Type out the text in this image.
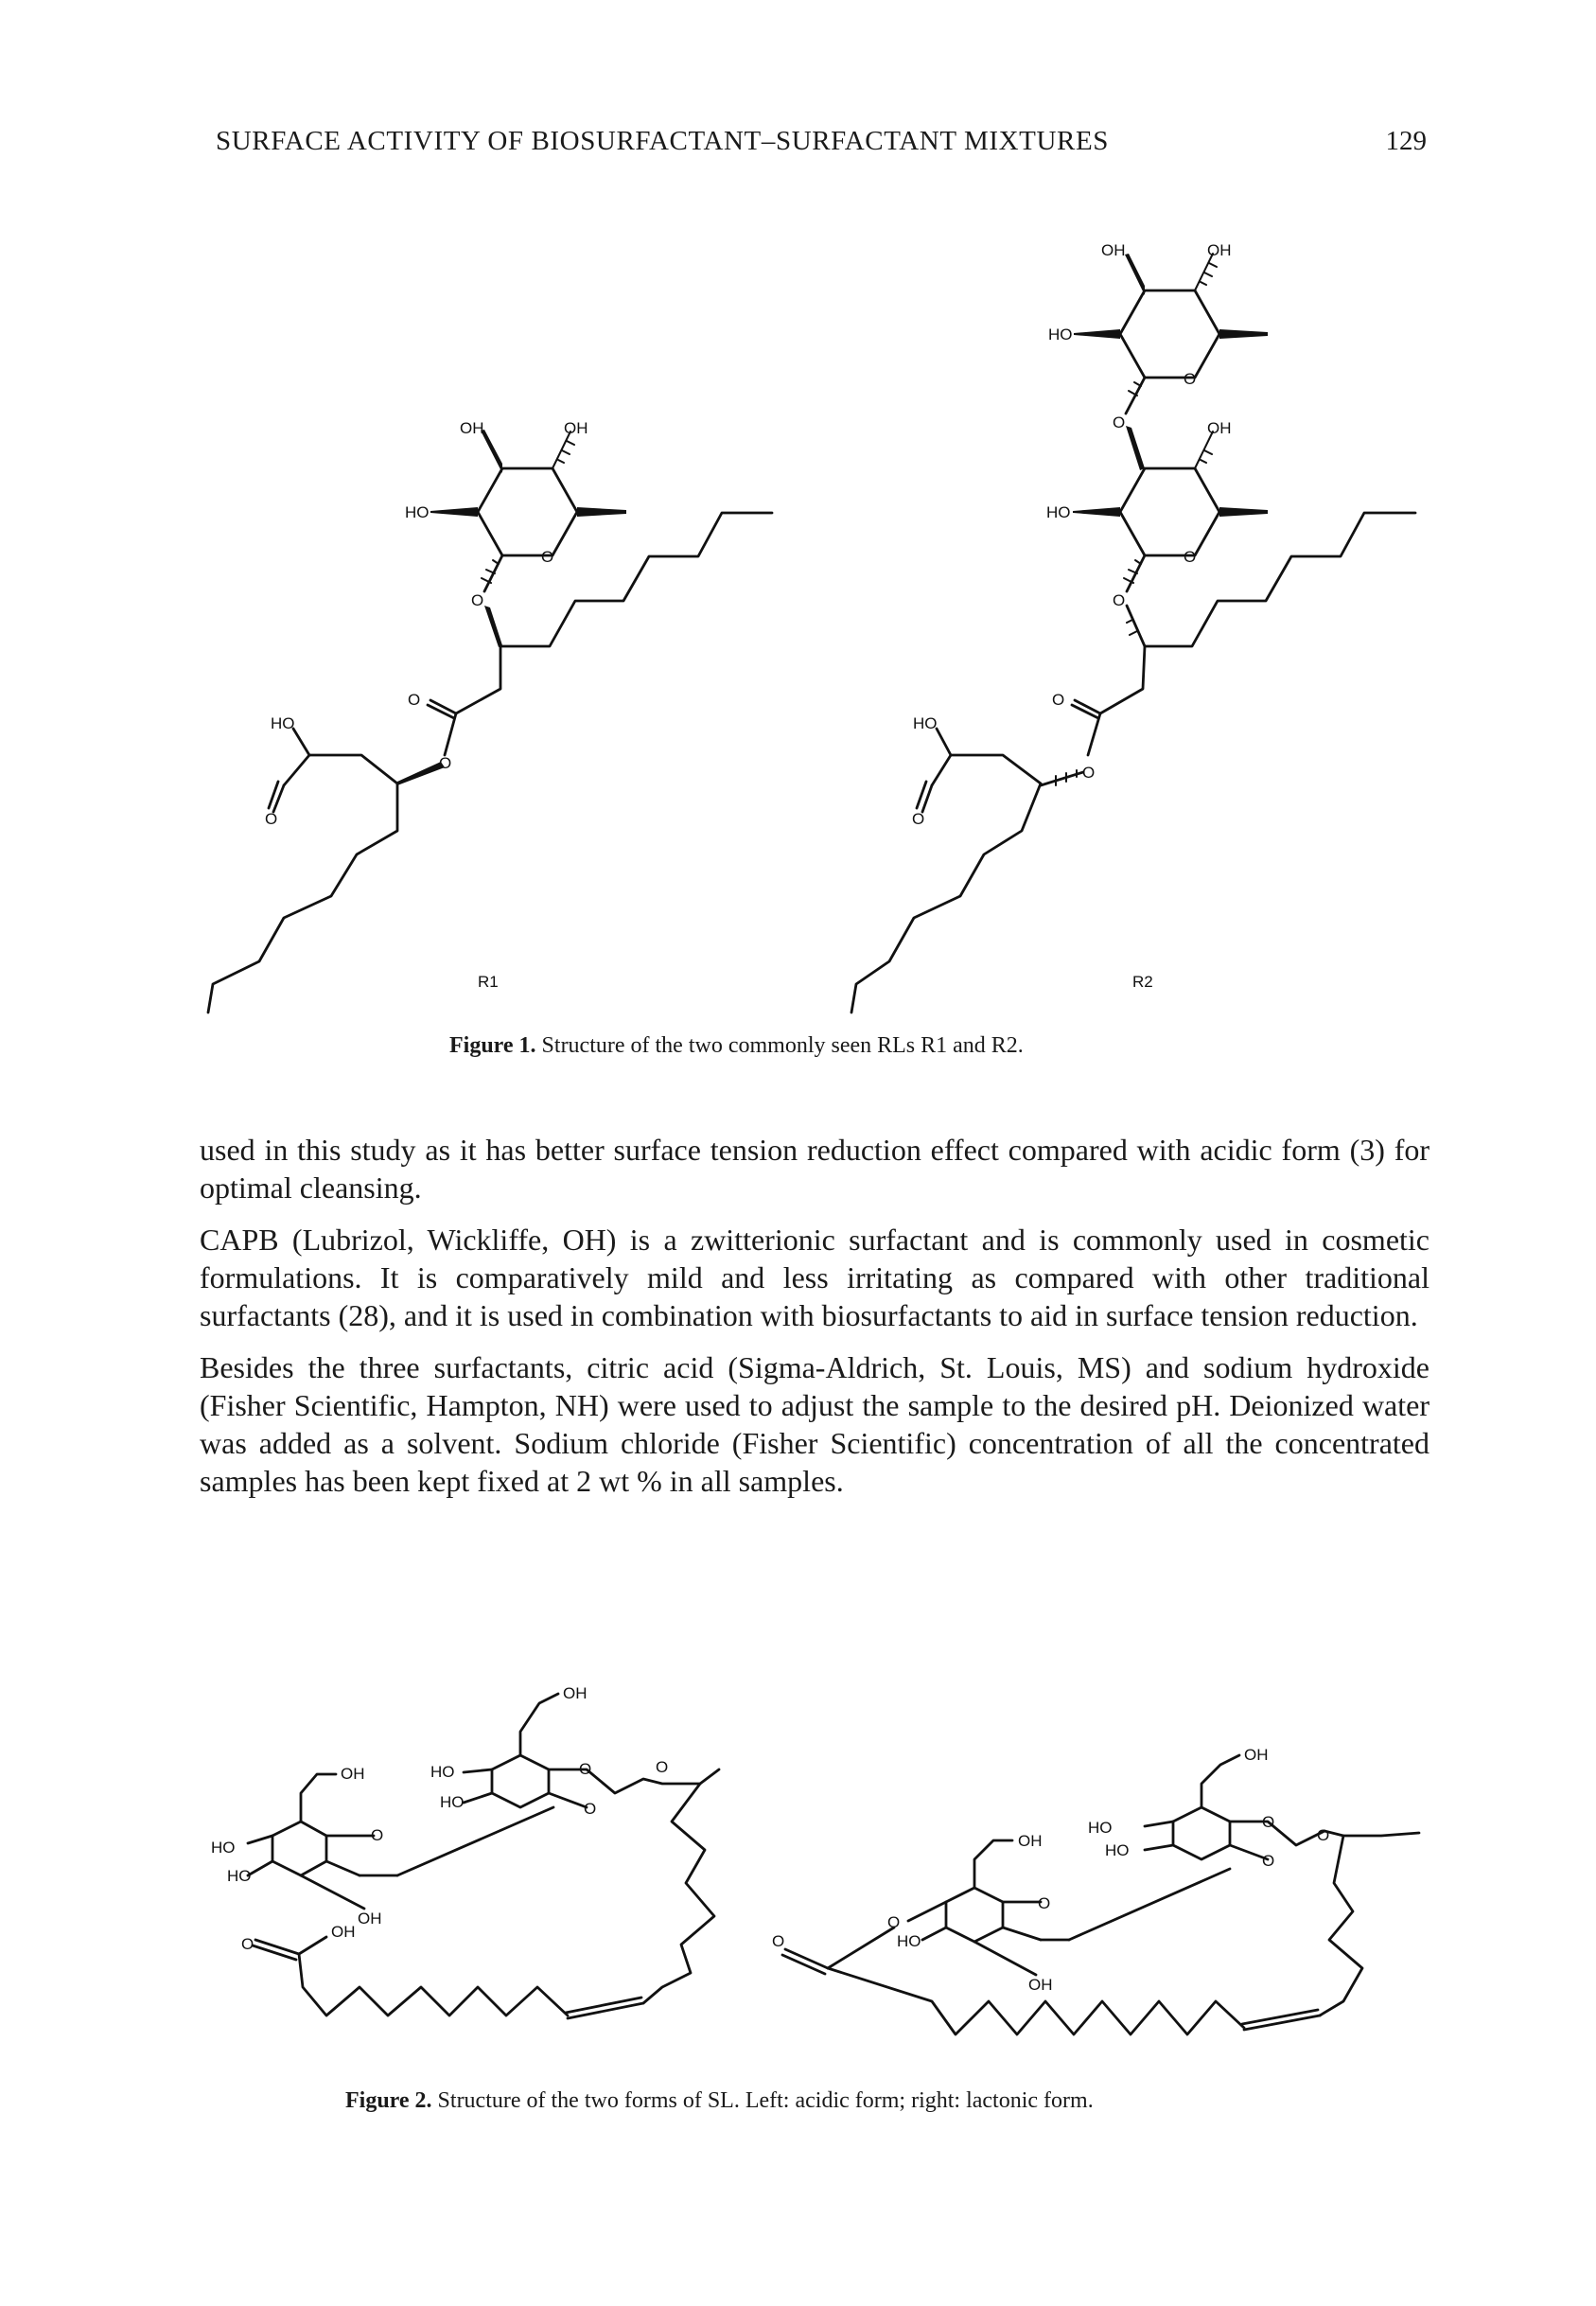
SURFACE ACTIVITY OF BIOSURFACTANT–SURFACTANT MIXTURES	129
OH	OH
HO
O
O
O
O
HO
O
R1
OH	OH
HO
O
O	OH
HO
O
O
O
O
HO
O
R2
Figure 1. Structure of the two commonly seen RLs R1 and R2.

used in this study as it has better surface tension reduction effect compared with acidic form (3) for optimal cleansing.

CAPB (Lubrizol, Wickliffe, OH) is a zwitterionic surfactant and is commonly used in cosmetic formulations. It is comparatively mild and less irritating as compared with other traditional surfactants (28), and it is used in combination with biosurfactants to aid in surface tension reduction.

Besides the three surfactants, citric acid (Sigma-Aldrich, St. Louis, MS) and sodium hydroxide (Fisher Scientific, Hampton, NH) were used to adjust the sample to the desired pH. Deionized water was added as a solvent. Sodium chloride (Fisher Scientific) concentration of all the concentrated samples has been kept fixed at 2 wt % in all samples.

OH
O
HO
HO
OH
OH
HO
HO
O
O
O
OH
O
OH
O
O
HO
OH
OH
HO
HO
O
O
O
O
Figure 2. Structure of the two forms of SL. Left: acidic form; right: lactonic form.
